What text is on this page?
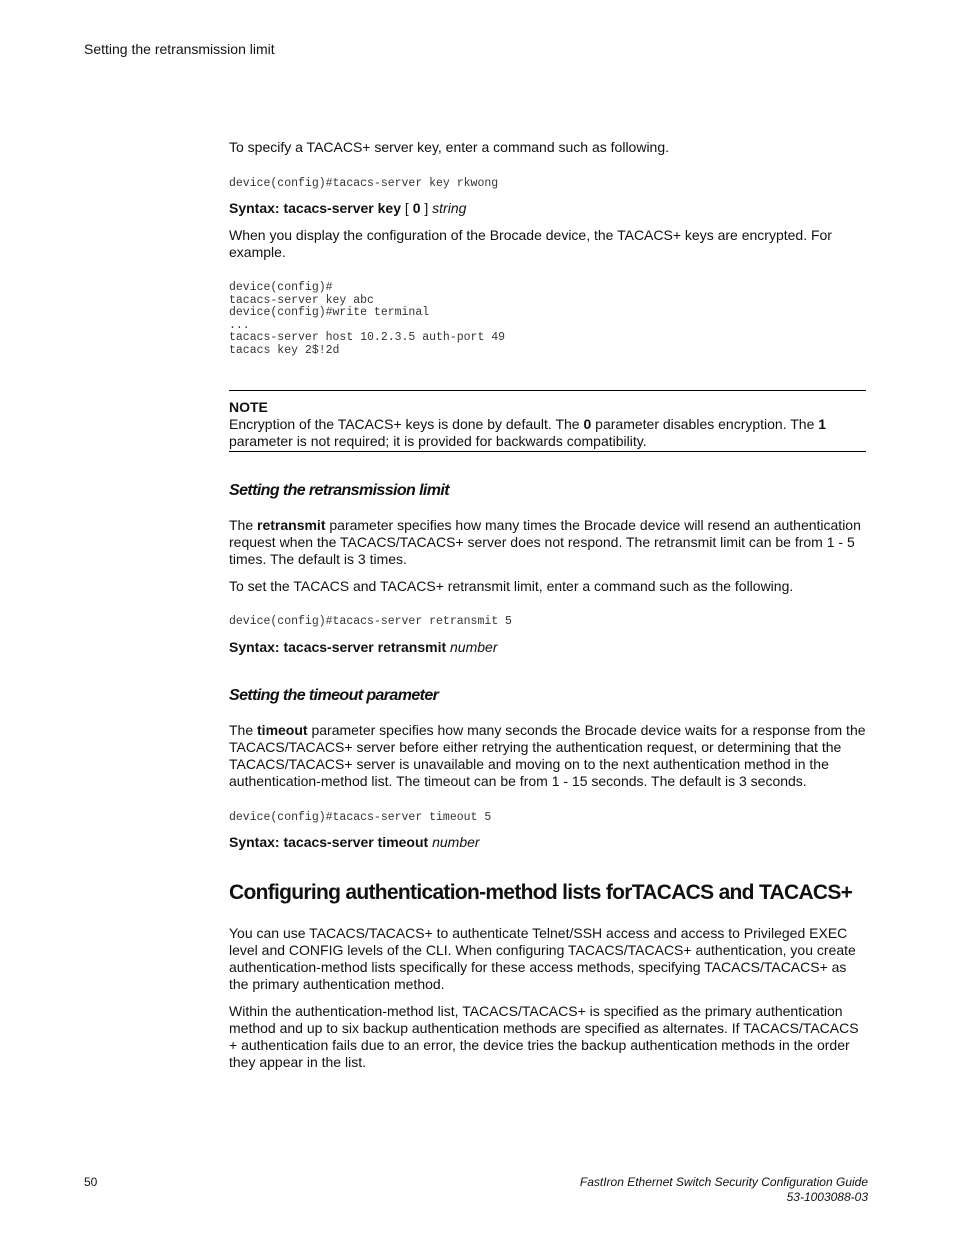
Setting the retransmission limit

To specify a TACACS+ server key, enter a command such as following.

device(config)#tacacs-server key rkwong

Syntax: tacacs-server key [ 0 ] string

When you display the configuration of the Brocade device, the TACACS+ keys are encrypted. For example.

device(config)#
tacacs-server key abc
device(config)#write terminal
...
tacacs-server host 10.2.3.5 auth-port 49
tacacs key 2$!2d
NOTE

Encryption of the TACACS+ keys is done by default. The 0 parameter disables encryption. The 1 parameter is not required; it is provided for backwards compatibility.

Setting the retransmission limit

The retransmit parameter specifies how many times the Brocade device will resend an authentication request when the TACACS/TACACS+ server does not respond. The retransmit limit can be from 1 - 5 times. The default is 3 times.

To set the TACACS and TACACS+ retransmit limit, enter a command such as the following.

device(config)#tacacs-server retransmit 5

Syntax: tacacs-server retransmit number

Setting the timeout parameter

The timeout parameter specifies how many seconds the Brocade device waits for a response from the TACACS/TACACS+ server before either retrying the authentication request, or determining that the TACACS/TACACS+ server is unavailable and moving on to the next authentication method in the authentication-method list. The timeout can be from 1 - 15 seconds. The default is 3 seconds.

device(config)#tacacs-server timeout 5

Syntax: tacacs-server timeout number

Configuring authentication-method lists forTACACS and TACACS+

You can use TACACS/TACACS+ to authenticate Telnet/SSH access and access to Privileged EXEC level and CONFIG levels of the CLI. When configuring TACACS/TACACS+ authentication, you create authentication-method lists specifically for these access methods, specifying TACACS/TACACS+ as the primary authentication method.

Within the authentication-method list, TACACS/TACACS+ is specified as the primary authentication method and up to six backup authentication methods are specified as alternates. If TACACS/TACACS + authentication fails due to an error, the device tries the backup authentication methods in the order they appear in the list.

50	FastIron Ethernet Switch Security Configuration Guide
53-1003088-03
